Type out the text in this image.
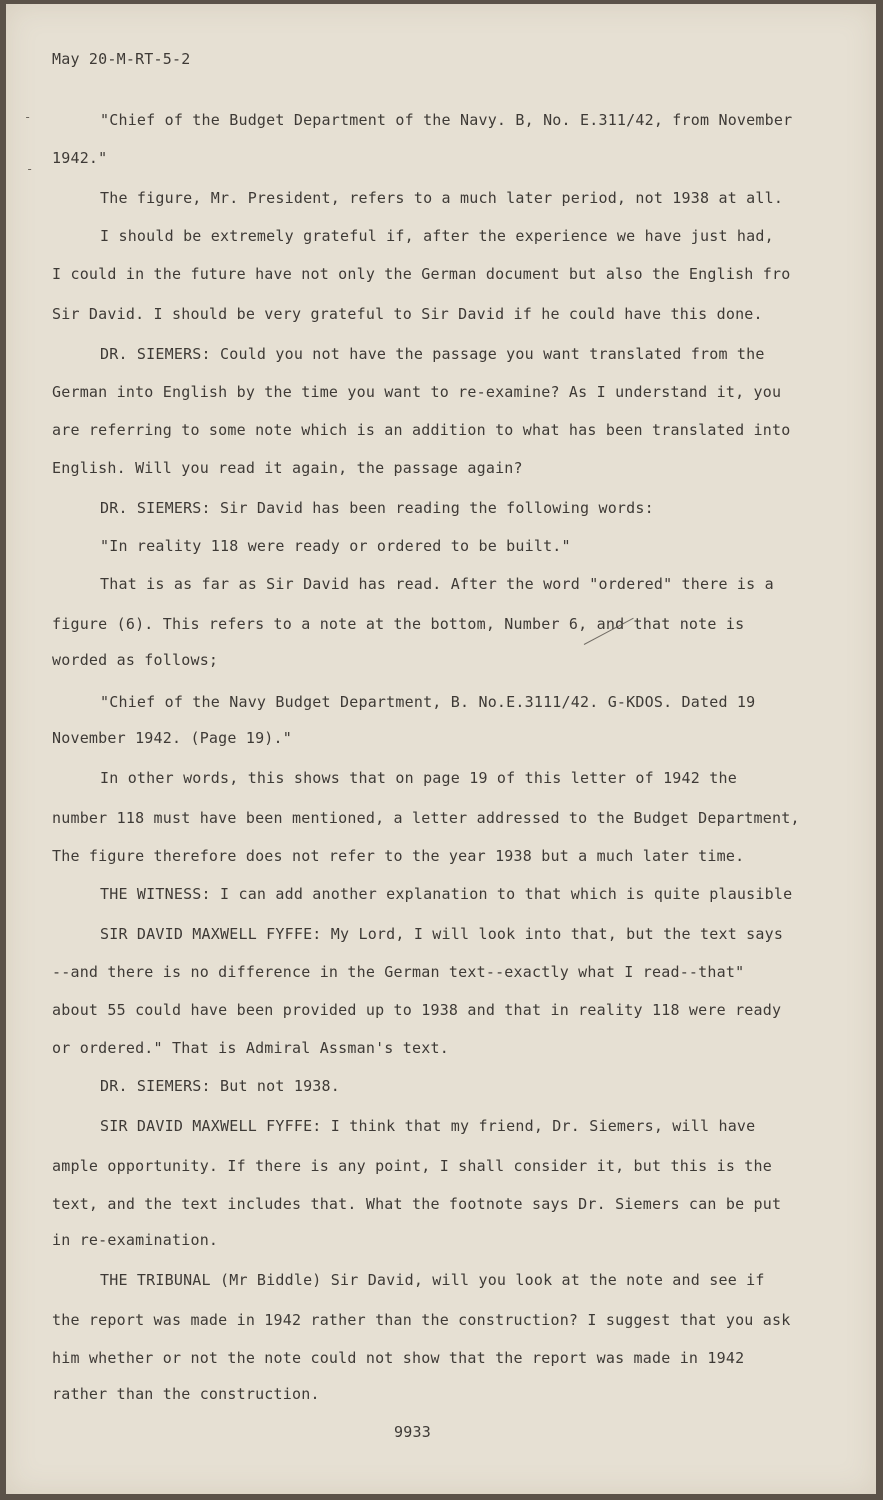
-
-
May 20-M-RT-5-2
"Chief of the Budget Department of the Navy. B, No. E.311/42, from November
1942."
The figure, Mr. President, refers to a much later period, not 1938 at all.
I should be extremely grateful if, after the experience we have just had,
I could in the future have not only the German document but also the English fro
Sir David. I should be very grateful to Sir David if he could have this done.
DR. SIEMERS: Could you not have the passage you want translated from the
German into English by the time you want to re-examine? As I understand it, you
are referring to some note which is an addition to what has been translated into
English. Will you read it again, the passage again?
DR. SIEMERS: Sir David has been reading the following words:
"In reality 118 were ready or ordered to be built."
That is as far as Sir David has read. After the word "ordered" there is a
figure (6). This refers to a note at the bottom, Number 6, and that note is
worded as follows;
"Chief of the Navy Budget Department, B. No.E.3111/42. G-KDOS. Dated 19
November 1942. (Page 19)."
In other words, this shows that on page 19 of this letter of 1942 the
number 118 must have been mentioned, a letter addressed to the Budget Department,
The figure therefore does not refer to the year 1938 but a much later time.
THE WITNESS: I can add another explanation to that which is quite plausible
SIR DAVID MAXWELL FYFFE: My Lord, I will look into that, but the text says
--and there is no difference in the German text--exactly what I read--that"
about 55 could have been provided up to 1938 and that in reality 118 were ready
or ordered." That is Admiral Assman's text.
DR. SIEMERS: But not 1938.
SIR DAVID MAXWELL FYFFE: I think that my friend, Dr. Siemers, will have
ample opportunity. If there is any point, I shall consider it, but this is the
text, and the text includes that. What the footnote says Dr. Siemers can be put
in re-examination.
THE TRIBUNAL (Mr Biddle) Sir David, will you look at the note and see if
the report was made in 1942 rather than the construction? I suggest that you ask
him whether or not the note could not show that the report was made in 1942
rather than the construction.
9933
